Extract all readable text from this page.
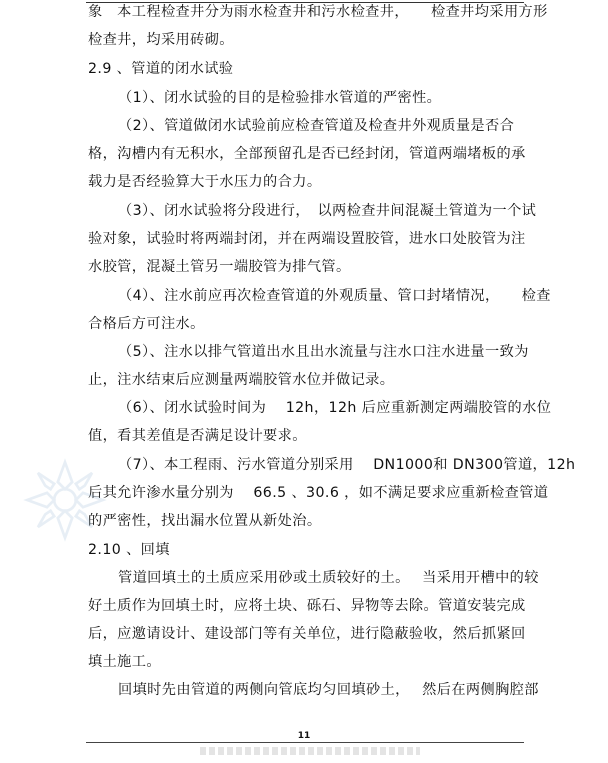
象　本工程检查井分为雨水检查井和污水检查井，　　检查井均采用方形
检查井，均采用砖砌。
2.9 、管道的闭水试验
（1）、闭水试验的目的是检验排水管道的严密性。
（2）、管道做闭水试验前应检查管道及检查井外观质量是否合
格，沟槽内有无积水，全部预留孔是否已经封闭，管道两端堵板的承
载力是否经验算大于水压力的合力。
（3）、闭水试验将分段进行，　以两检查井间混凝土管道为一个试
验对象，试验时将两端封闭，并在两端设置胶管，进水口处胶管为注
水胶管，混凝土管另一端胶管为排气管。
（4）、注水前应再次检查管道的外观质量、管口封堵情况，　　检查
合格后方可注水。
（5）、注水以排气管道出水且出水流量与注水口注水进量一致为
止，注水结束后应测量两端胶管水位并做记录。
（6）、闭水试验时间为　 12h，12h 后应重新测定两端胶管的水位
值，看其差值是否满足设计要求。
（7）、本工程雨、污水管道分别采用　 DN1000和 DN300管道，12h
后其允许渗水量分别为　 66.5 、30.6 ，如不满足要求应重新检查管道
的严密性，找出漏水位置从新处治。
2.10 、回填
管道回填土的土质应采用砂或土质较好的土。　 当采用开槽中的较
好土质作为回填土时，应将土块、砾石、异物等去除。管道安装完成
后，应邀请设计、建设部门等有关单位，进行隐蔽验收，然后抓紧回
填土施工。
回填时先由管道的两侧向管底均匀回填砂土，　 然后在两侧胸腔部
11
